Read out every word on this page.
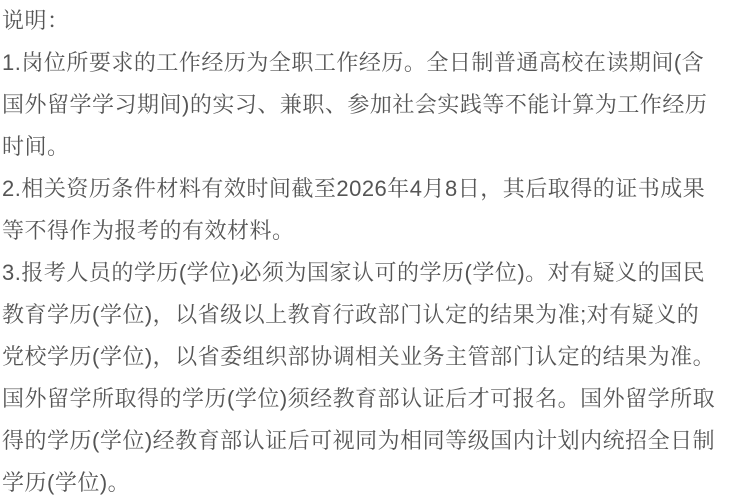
说明：
1.岗位所要求的工作经历为全职工作经历。全日制普通高校在读期间(含
国外留学学习期间)的实习、兼职、参加社会实践等不能计算为工作经历
时间。
2.相关资历条件材料有效时间截至2026年4月8日，其后取得的证书成果
等不得作为报考的有效材料。
3.报考人员的学历(学位)必须为国家认可的学历(学位)。对有疑义的国民
教育学历(学位)，以省级以上教育行政部门认定的结果为准;对有疑义的
党校学历(学位)，以省委组织部协调相关业务主管部门认定的结果为准。
国外留学所取得的学历(学位)须经教育部认证后才可报名。国外留学所取
得的学历(学位)经教育部认证后可视同为相同等级国内计划内统招全日制
学历(学位)。
